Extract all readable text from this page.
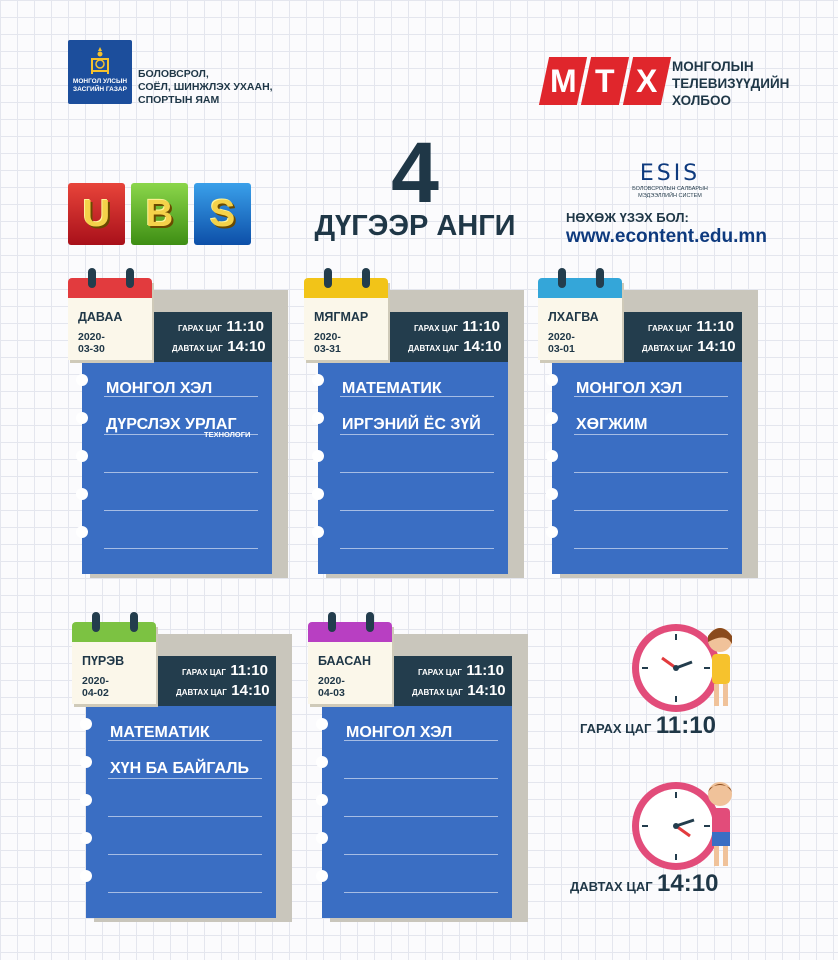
МОНГОЛ УЛСЫН ЗАСГИЙН ГАЗАР
БОЛОВСРОЛ,
СОЁЛ, ШИНЖЛЭХ УХААН,
СПОРТЫН ЯАМ
М Т Х	МОНГОЛЫН
ТЕЛЕВИЗҮҮДИЙН
ХОЛБОО
4
ДҮГЭЭР АНГИ
U B S
ESIS
БОЛОВСРОЛЫН САЛБАРЫН
МЭДЭЭЛЛИЙН СИСТЕМ
НӨХӨЖ ҮЗЭХ БОЛ:
www.econtent.edu.mn
ГАРАХ ЦАГ 11:10
ДАВТАХ ЦАГ 14:10
ДАВАА
2020-03-30
МОНГОЛ ХЭЛ
ДҮРСЛЭХ УРЛАГ
ТЕХНОЛОГИ
ГАРАХ ЦАГ 11:10
ДАВТАХ ЦАГ 14:10
МЯГМАР
2020-03-31
МАТЕМАТИК
ИРГЭНИЙ ЁС ЗҮЙ
ГАРАХ ЦАГ 11:10
ДАВТАХ ЦАГ 14:10
ЛХАГВА
2020-03-01
МОНГОЛ ХЭЛ
ХӨГЖИМ
ГАРАХ ЦАГ 11:10
ДАВТАХ ЦАГ 14:10
ПҮРЭВ
2020-04-02
МАТЕМАТИК
ХҮН БА БАЙГАЛЬ
ГАРАХ ЦАГ 11:10
ДАВТАХ ЦАГ 14:10
БААСАН
2020-04-03
МОНГОЛ ХЭЛ	ГАРАХ ЦАГ 11:10
ДАВТАХ ЦАГ 14:10
